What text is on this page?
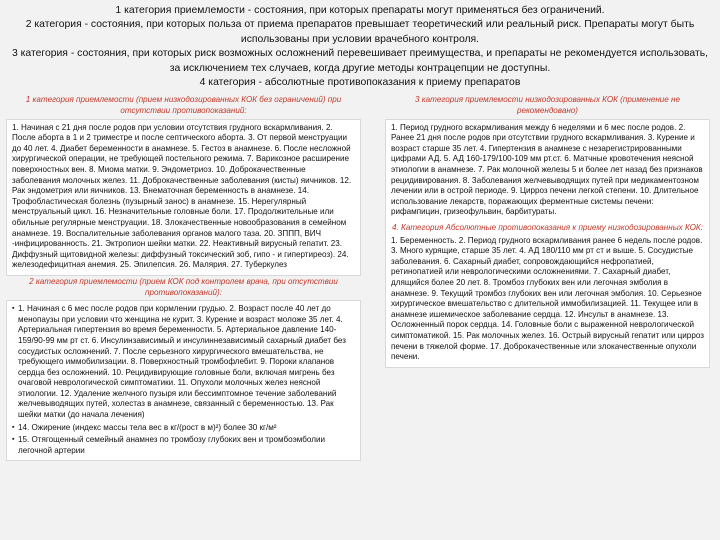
1 категория приемлемости - состояния, при которых препараты могут применяться без ограничений.

2 категория - состояния, при которых польза от приема препаратов превышает теоретический или реальный риск. Препараты могут быть использованы при условии врачебного контроля.

3 категория - состояния, при которых риск возможных осложнений перевешивает преимущества, и препараты не рекомендуется использовать, за исключением тех случаев, когда другие методы контрацепции не доступны.

4 категория - абсолютные противопоказания к приему препаратов

1 категория приемлемости (прием низкодозированных КОК без ограничений) при отсутствии противопоказаний:

1. Начиная с 21 дня после родов при условии отсутствия грудного вскармливания. 2. После аборта в 1 и 2 триместре и после септического аборта. 3. От первой менструации до 40 лет. 4. Диабет беременности в анамнезе. 5. Гестоз в анамнезе. 6. После несложной хирургической операции, не требующей постельного режима. 7. Варикозное расширение поверхностных вен. 8. Миома матки. 9. Эндометриоз. 10. Доброкачественные заболевания молочных желез. 11. Доброкачественные заболевания (кисты) яичников. 12. Рак эндометрия или яичников. 13. Внематочная беременность в анамнезе. 14. Трофобластическая болезнь (пузырный занос) в анамнезе. 15. Нерегулярный менструальный цикл. 16. Незначительные головные боли. 17. Продолжительные или обильные регулярные менструации. 18. Злокачественные новообразования в семейном анамнезе. 19. Воспалительные заболевания органов малого таза. 20. ЗППП, ВИЧ -инфицированность. 21. Эктропион шейки матки. 22. Неактивный вирусный гепатит. 23. Диффузный щитовидной железы: диффузный токсический зоб, гипо - и гипертиреоз). 24. железодефицитная анемия. 25. Эпилепсия. 26. Малярия. 27. Туберкулез

2 категория приемлемости (прием КОК под контролем врача, при отсутствии противопоказаний):
▪ 1. Начиная с 6 мес после родов при кормлении грудью. 2. Возраст после 40 лет до менопаузы при условии что женщина не курит. 3. Курение и возраст моложе 35 лет. 4. Артериальная гипертензия во время беременности. 5. Артериальное давление 140-159/90-99 мм рт ст. 6. Инсулинзависимый и инсулиннезависимый сахарный диабет без сосудистых осложнений. 7. После серьезного хирургического вмешательства, не требующего иммобилизации. 8. Поверхностный тромбофлебит. 9. Пороки клапанов сердца без осложнений. 10. Рецидивирующие головные боли, включая мигрень без очаговой неврологической симптоматики. 11. Опухоли молочных желез неясной этиологии. 12. Удаление желчного пузыря или бессимптомное течение заболеваний желчевыводящих путей, холестаз в анамнезе, связанный с беременностью. 13. Рак шейки матки (до начала лечения)
▪ 14. Ожирение (индекс массы тела вес в кг/(рост в м)²) более 30 кг/м²
▪ 15. Отягощенный семейный анамнез по тромбозу глубоких вен и тромбоэмболии легочной артерии
3 категория приемлемости низкодозированных КОК (применение не рекомендовано)

1. Период грудного вскармливания между 6 неделями и 6 мес после родов. 2. Ранее 21 дня после родов при отсутствии грудного вскармливания. 3. Курение и возраст старше 35 лет. 4. Гипертензия в анамнезе с незарегистрированными цифрами АД. 5. АД 160-179/100-109 мм рт.ст. 6. Матчные кровотечения неясной этиологии в анамнезе. 7. Рак молочной железы 5 и более лет назад без признаков рецидивирования. 8. Заболевания желчевыводящих путей при медикаментозном лечении или в острой периоде. 9. Цирроз печени легкой степени. 10. Длительное использование лекарств, поражающих ферментные системы печени: рифампицин, гризеофульвин, барбитураты.

4. Категория Абсолютные противопоказания к приему низкодозированных КОК:

1. Беременность. 2. Период грудного вскармливания ранее 6 недель после родов. 3. Много курящие, старше 35 лет. 4. АД 180/110 мм рт ст и выше. 5. Сосудистые заболевания. 6. Сахарный диабет, сопровождающийся нефропатией, ретинопатией или неврологическими осложнениями. 7. Сахарный диабет, длящийся более 20 лет. 8. Тромбоз глубоких вен или легочная эмболия в анамнезе. 9. Текущий тромбоз глубоких вен или легочная эмболия. 10. Серьезное хирургическое вмешательство с длительной иммобилизацией. 11. Текущее или в анамнезе ишемическое заболевание сердца. 12. Инсульт в анамнезе. 13. Осложненный порок сердца. 14. Головные боли с выраженной неврологической симптоматикой. 15. Рак молочных желез. 16. Острый вирусный гепатит или цирроз печени в тяжелой форме. 17. Доброкачественные или злокачественные опухоли печени.
